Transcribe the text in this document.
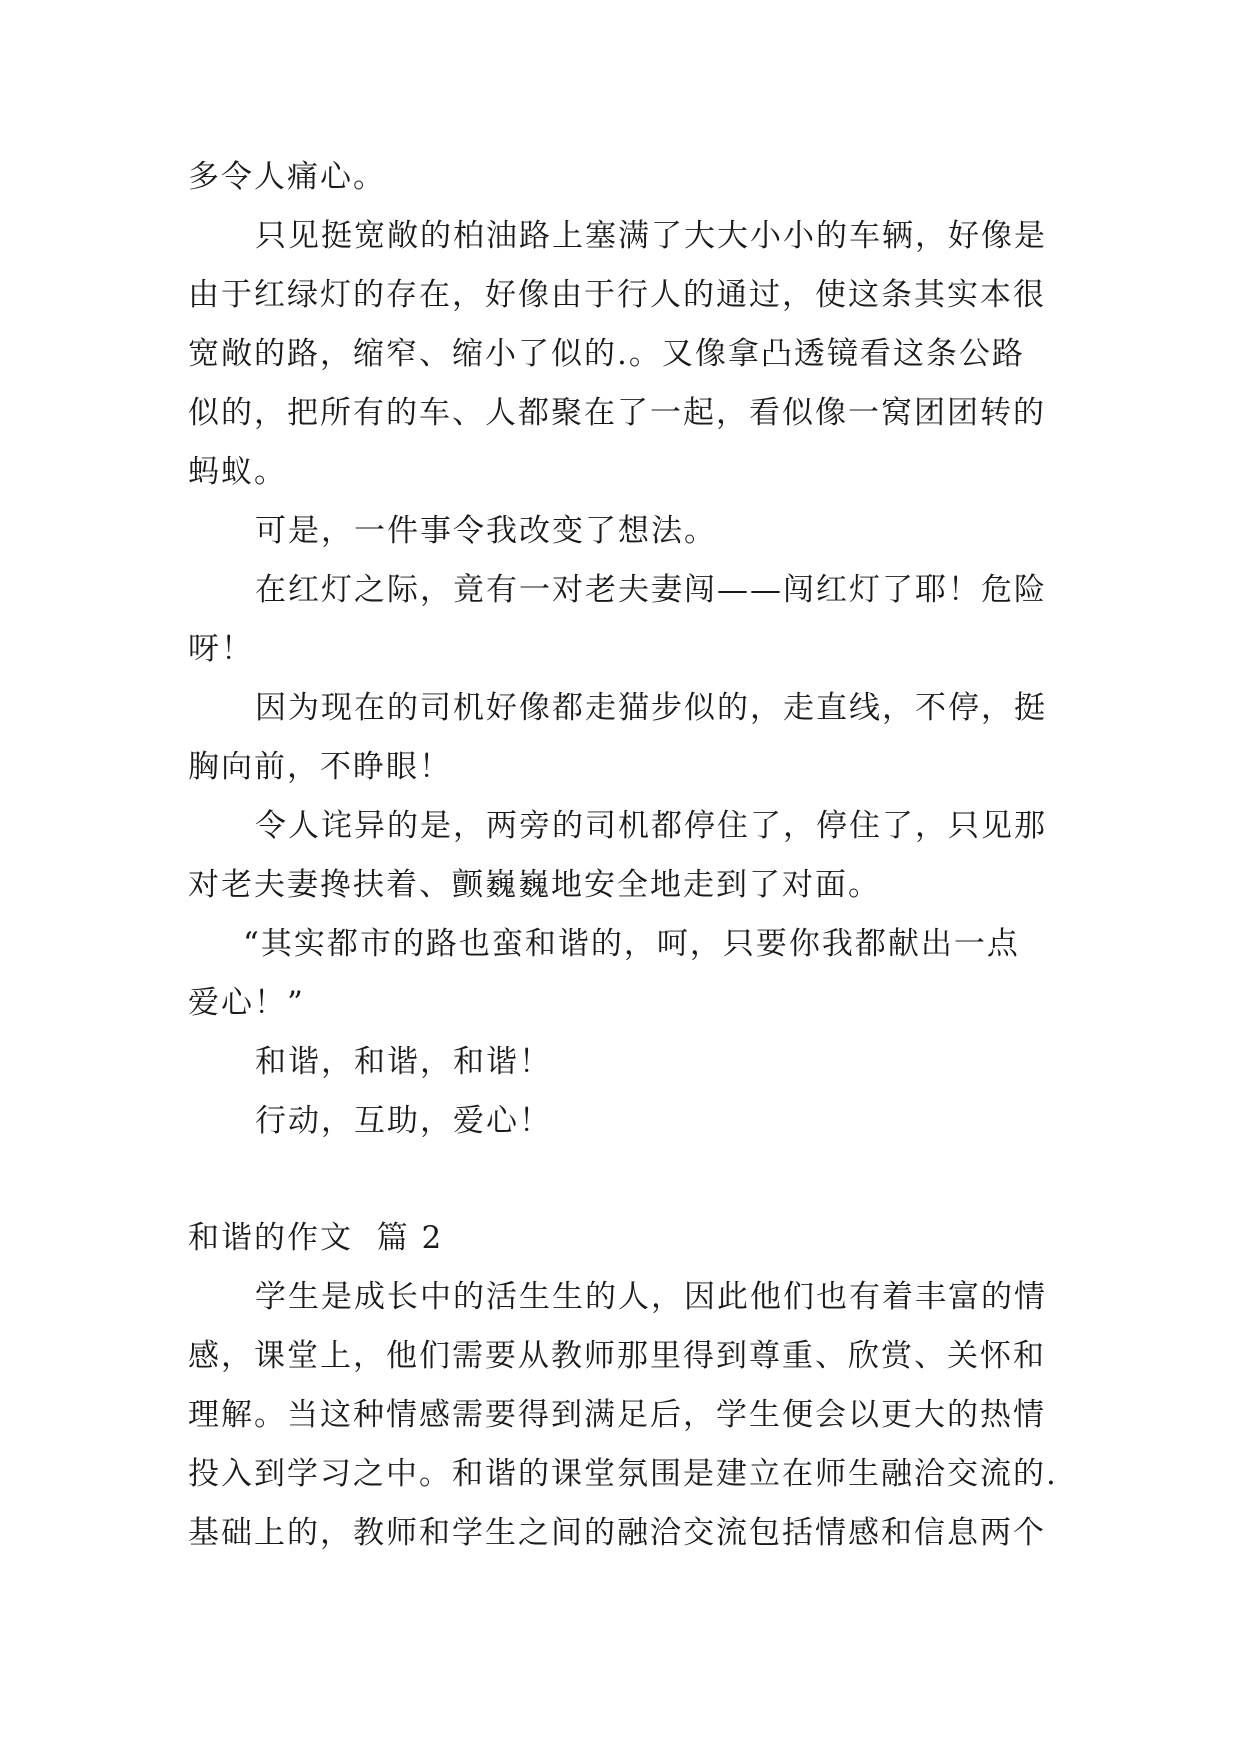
多令人痛心。
只见挺宽敞的柏油路上塞满了大大小小的车辆，好像是
由于红绿灯的存在，好像由于行人的通过，使这条其实本很
宽敞的路，缩窄、缩小了似的.。又像拿凸透镜看这条公路
似的，把所有的车、人都聚在了一起，看似像一窝团团转的
蚂蚁。
可是，一件事令我改变了想法。
在红灯之际，竟有一对老夫妻闯——闯红灯了耶！危险
呀！
因为现在的司机好像都走猫步似的，走直线，不停，挺
胸向前，不睁眼！
令人诧异的是，两旁的司机都停住了，停住了，只见那
对老夫妻搀扶着、颤巍巍地安全地走到了对面。
“其实都市的路也蛮和谐的，呵，只要你我都献出一点
爱心！”
和谐，和谐，和谐！
行动，互助，爱心！
和谐的作文  篇 2
学生是成长中的活生生的人，因此他们也有着丰富的情
感，课堂上，他们需要从教师那里得到尊重、欣赏、关怀和
理解。当这种情感需要得到满足后，学生便会以更大的热情
投入到学习之中。和谐的课堂氛围是建立在师生融洽交流的.
基础上的，教师和学生之间的融洽交流包括情感和信息两个
